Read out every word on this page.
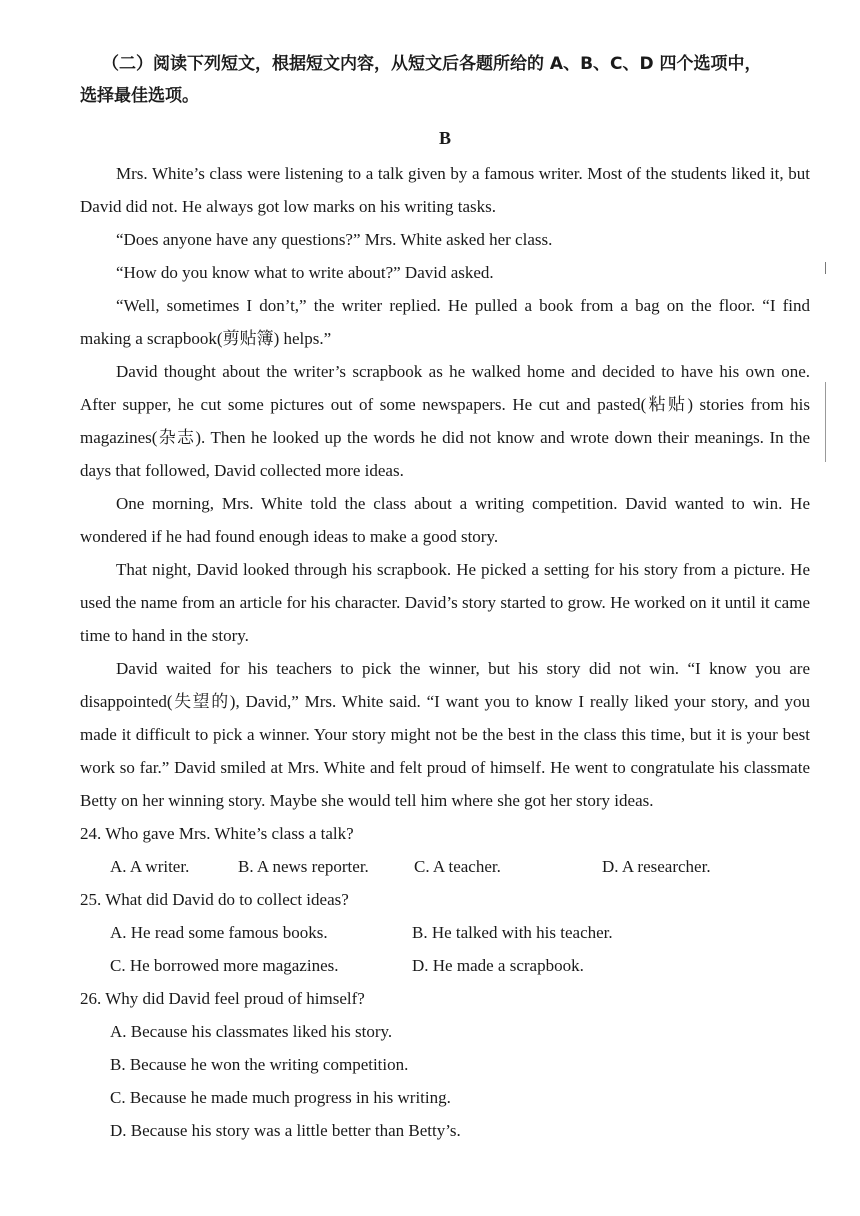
（二）阅读下列短文，根据短文内容，从短文后各题所给的 A、B、C、D 四个选项中，
选择最佳选项。
B

Mrs. White’s class were listening to a talk given by a famous writer. Most of the students liked it, but David did not. He always got low marks on his writing tasks.

“Does anyone have any questions?” Mrs. White asked her class.

“How do you know what to write about?” David asked.

“Well, sometimes I don’t,” the writer replied. He pulled a book from a bag on the floor. “I find making a scrapbook(剪贴簿) helps.”

David thought about the writer’s scrapbook as he walked home and decided to have his own one. After supper, he cut some pictures out of some newspapers. He cut and pasted(粘贴) stories from his magazines(杂志). Then he looked up the words he did not know and wrote down their meanings. In the days that followed, David collected more ideas.

One morning, Mrs. White told the class about a writing competition. David wanted to win. He wondered if he had found enough ideas to make a good story.

That night, David looked through his scrapbook. He picked a setting for his story from a picture. He used the name from an article for his character. David’s story started to grow. He worked on it until it came time to hand in the story.

David waited for his teachers to pick the winner, but his story did not win. “I know you are disappointed(失望的), David,” Mrs. White said. “I want you to know I really liked your story, and you made it difficult to pick a winner. Your story might not be the best in the class this time, but it is your best work so far.” David smiled at Mrs. White and felt proud of himself. He went to congratulate his classmate Betty on her winning story. Maybe she would tell him where she got her story ideas.

24. Who gave Mrs. White’s class a talk?

A. A writer.	B. A news reporter.	C. A teacher.	D. A researcher.

25. What did David do to collect ideas?

A. He read some famous books.	B. He talked with his teacher.
C. He borrowed more magazines.	D. He made a scrapbook.

26. Why did David feel proud of himself?

A. Because his classmates liked his story.
B. Because he won the writing competition.
C. Because he made much progress in his writing.
D. Because his story was a little better than Betty’s.
